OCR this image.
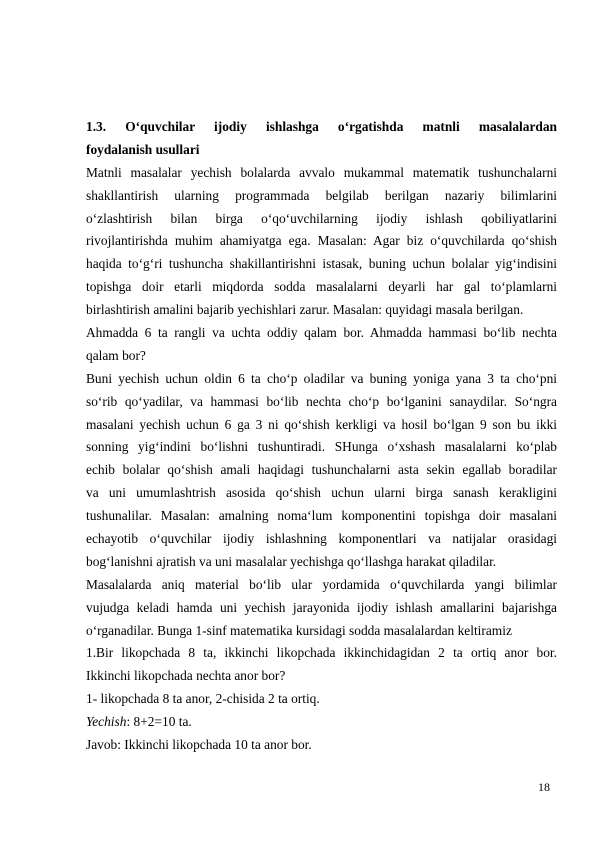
1.3. O‘quvchilar ijodiy ishlashga o‘rgatishda matnli masalalardan
foydalanish usullari
Matnli masalalar yechish bolalarda avvalo mukammal matematik tushunchalarni
shakllantirish ularning programmada belgilab berilgan nazariy bilimlarini
o‘zlashtirish bilan birga o‘qo‘uvchilarning ijodiy ishlash qobiliyatlarini
rivojlantirishda muhim ahamiyatga ega. Masalan: Agar biz o‘quvchilarda qo‘shish
haqida to‘g‘ri tushuncha shakillantirishni istasak, buning uchun bolalar yig‘indisini
topishga doir etarli miqdorda sodda masalalarni deyarli har gal to‘plamlarni
birlashtirish amalini bajarib yechishlari zarur. Masalan: quyidagi masala berilgan.
Ahmadda 6 ta rangli va uchta oddiy qalam bor. Ahmadda hammasi bo‘lib nechta
qalam bor?
Buni yechish uchun oldin 6 ta cho‘p oladilar va buning yoniga yana 3 ta cho‘pni
so‘rib qo‘yadilar, va hammasi bo‘lib nechta cho‘p bo‘lganini sanaydilar. So‘ngra
masalani yechish uchun 6 ga 3 ni qo‘shish kerkligi va hosil bo‘lgan 9 son bu ikki
sonning yig‘indini bo‘lishni tushuntiradi. SHunga o‘xshash masalalarni ko‘plab
echib bolalar qo‘shish amali haqidagi tushunchalarni asta sekin egallab boradilar
va uni umumlashtrish asosida qo‘shish uchun ularni birga sanash kerakligini
tushunalilar. Masalan: amalning noma‘lum komponentini topishga doir masalani
echayotib o‘quvchilar ijodiy ishlashning komponentlari va natijalar orasidagi
bog‘lanishni ajratish va uni masalalar yechishga qo‘llashga harakat qiladilar.
Masalalarda aniq material bo‘lib ular yordamida o‘quvchilarda yangi bilimlar
vujudga keladi hamda uni yechish jarayonida ijodiy ishlash amallarini bajarishga
o‘rganadilar. Bunga 1-sinf matematika kursidagi sodda masalalardan keltiramiz
1.Bir likopchada 8 ta, ikkinchi likopchada ikkinchidagidan 2 ta ortiq anor bor.
Ikkinchi likopchada nechta anor bor?
1- likopchada 8 ta anor, 2-chisida 2 ta ortiq.
Yechish: 8+2=10 ta.
Javob: Ikkinchi likopchada 10 ta anor bor.
18
